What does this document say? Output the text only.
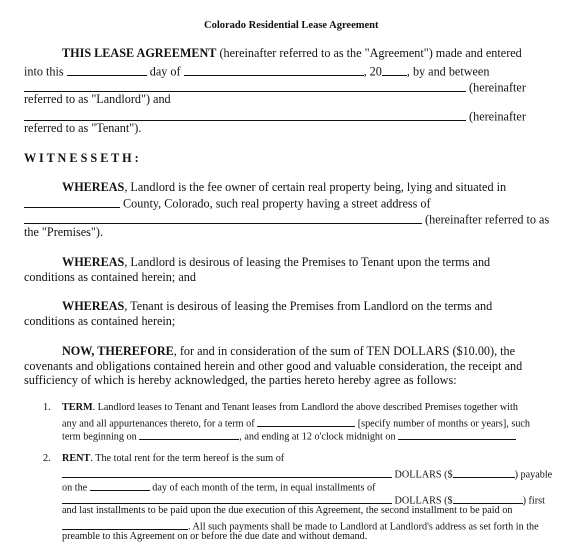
Colorado Residential Lease Agreement
THIS LEASE AGREEMENT (hereinafter referred to as the "Agreement") made and entered
into this	day of	, 20 , by and between
(hereinafter
referred to as "Landlord") and
(hereinafter
referred to as "Tenant").
W I T N E S S E T H :
WHEREAS, Landlord is the fee owner of certain real property being, lying and situated in
County, Colorado, such real property having a street address of
(hereinafter referred to as
the "Premises").
WHEREAS, Landlord is desirous of leasing the Premises to Tenant upon the terms and
conditions as contained herein; and
WHEREAS, Tenant is desirous of leasing the Premises from Landlord on the terms and
conditions as contained herein;
NOW, THEREFORE, for and in consideration of the sum of TEN DOLLARS ($10.00), the
covenants and obligations contained herein and other good and valuable consideration, the receipt and
sufficiency of which is hereby acknowledged, the parties hereto hereby agree as follows:
1. TERM. Landlord leases to Tenant and Tenant leases from Landlord the above described Premises together with
any and all appurtenances thereto, for a term of	[specify number of months or years], such
term beginning on	, and ending at 12 o'clock midnight on
2. RENT. The total rent for the term hereof is the sum of
DOLLARS ($	) payable
on the	day of each month of the term, in equal installments of
DOLLARS ($	) first
and last installments to be paid upon the due execution of this Agreement, the second installment to be paid on
. All such payments shall be made to Landlord at Landlord's address as set forth in the
preamble to this Agreement on or before the due date and without demand.
